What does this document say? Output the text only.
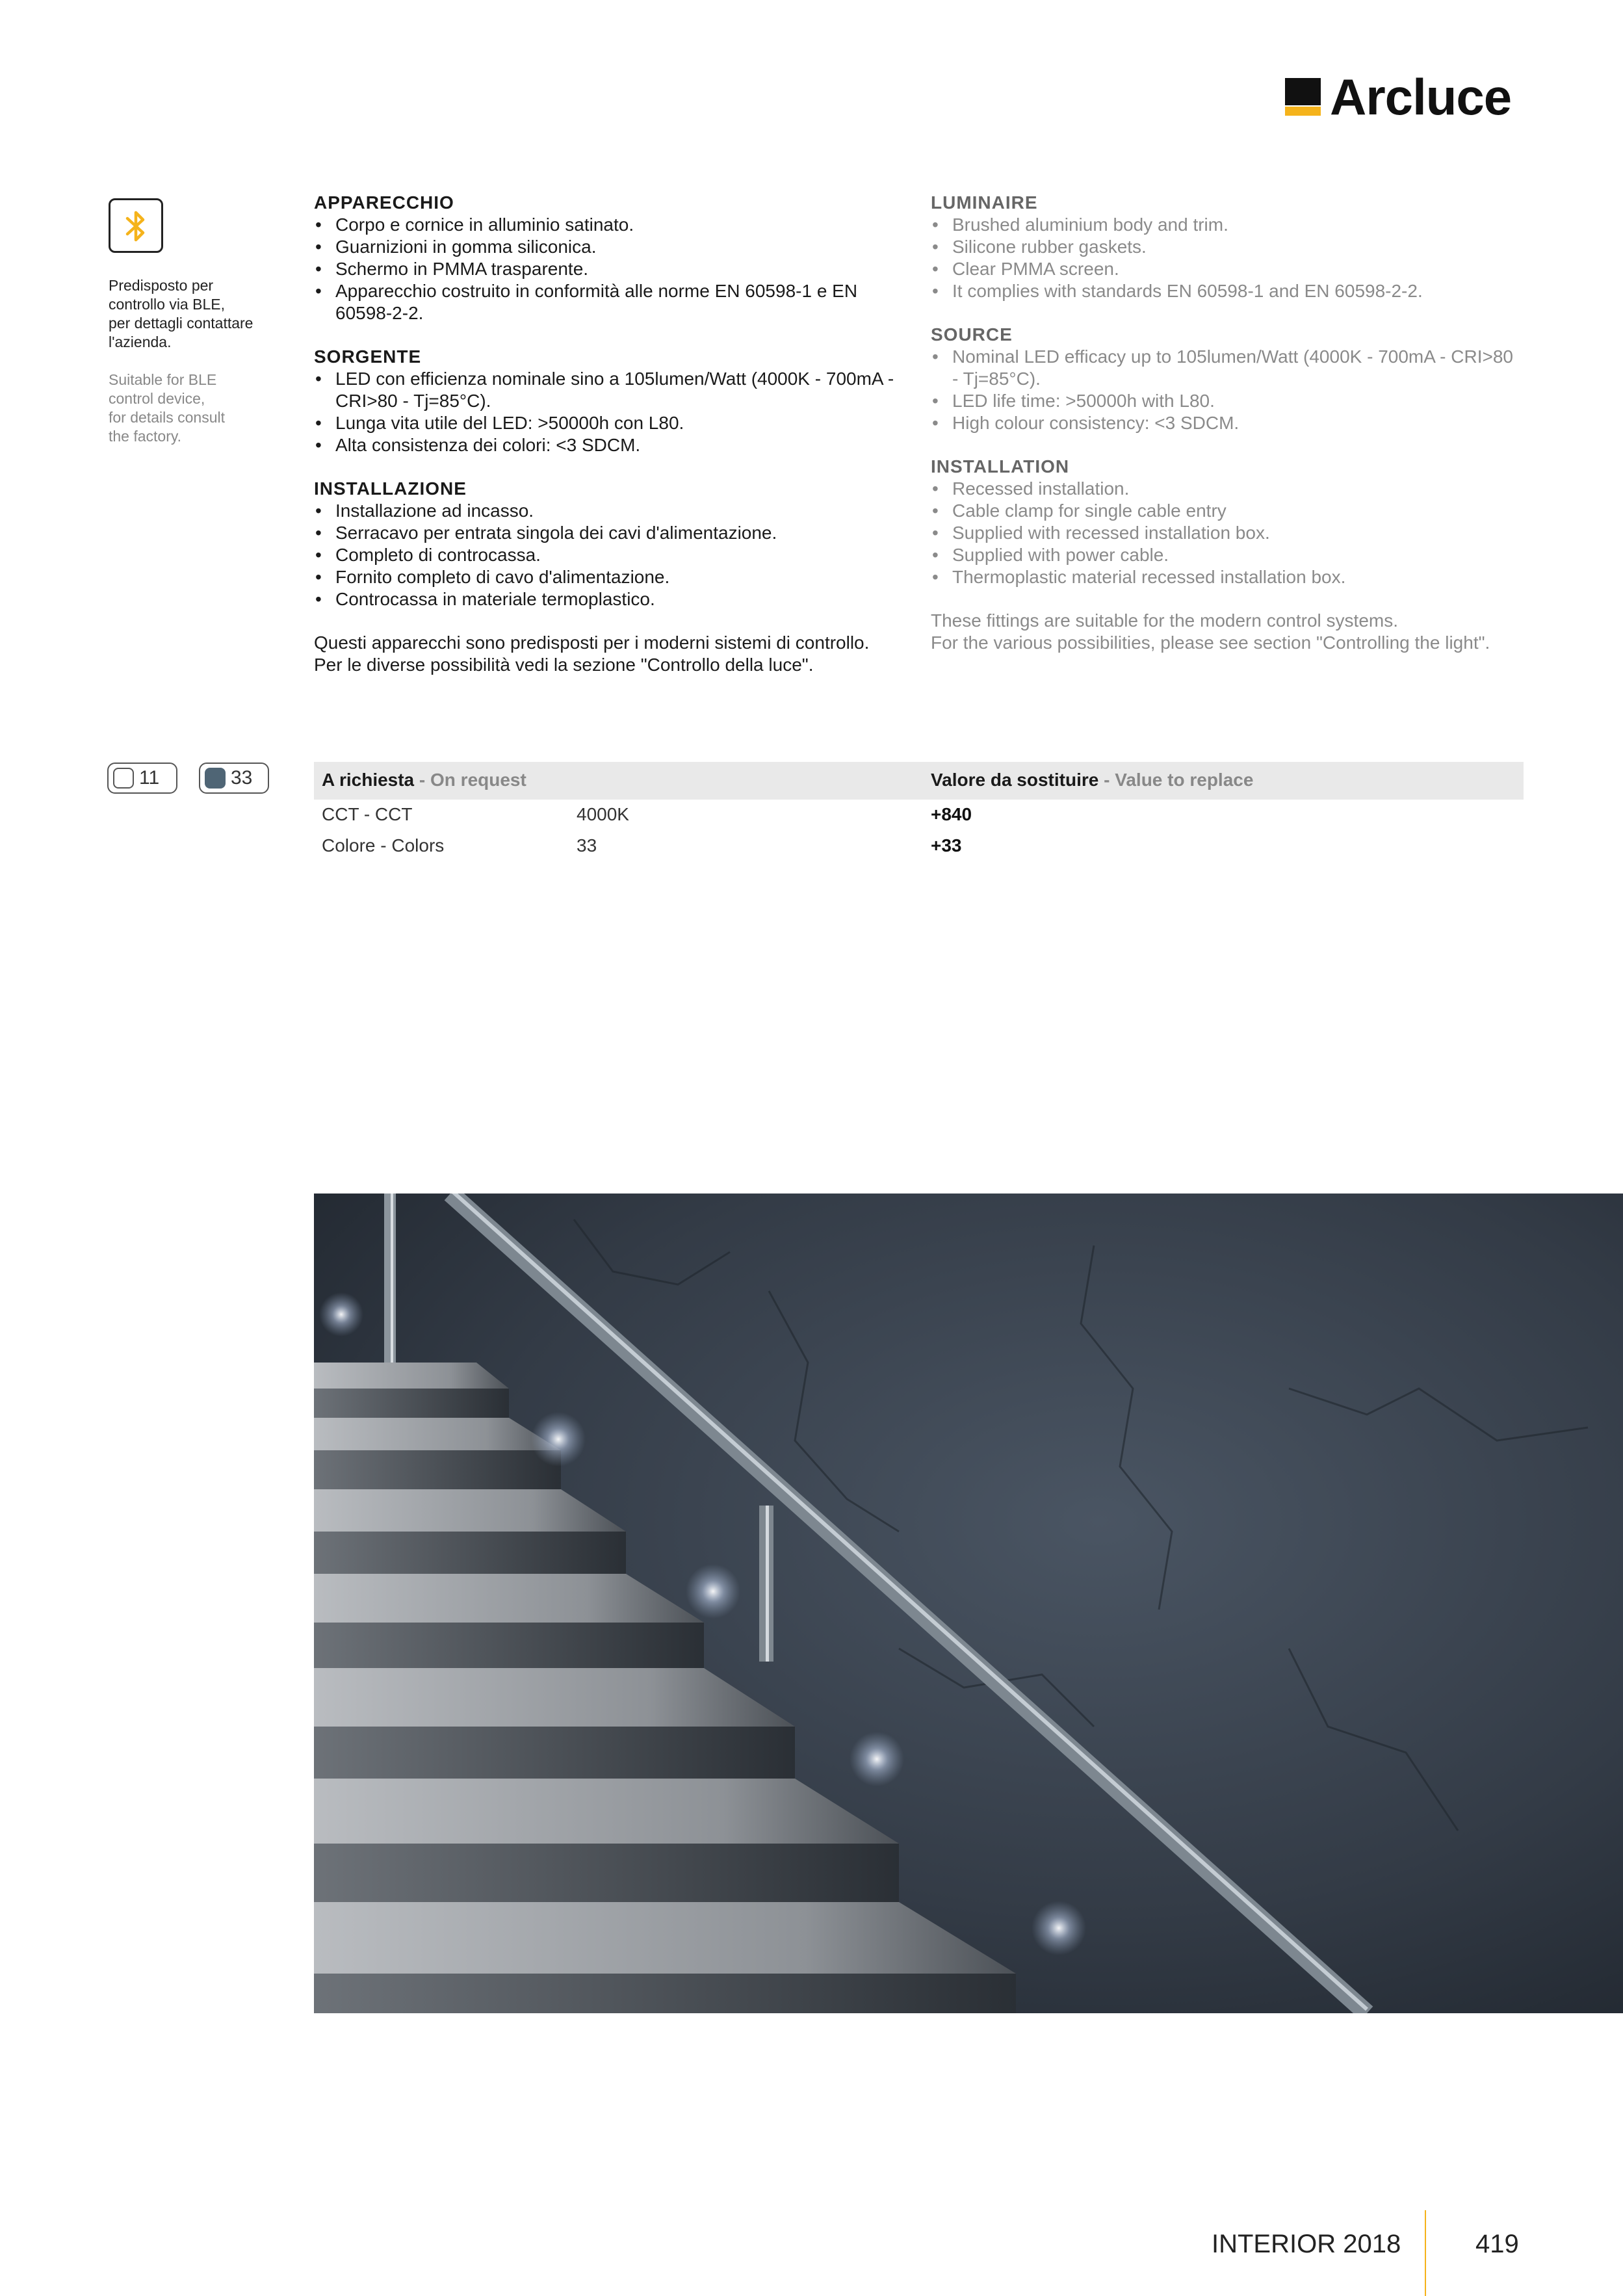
Arcluce
Predisposto per
controllo via BLE,
per dettagli contattare
l'azienda.
Suitable for BLE
control device,
for details consult
the factory.
APPARECCHIO
• Corpo e cornice in alluminio satinato.
• Guarnizioni in gomma siliconica.
• Schermo in PMMA trasparente.
• Apparecchio costruito in conformità alle norme EN 60598-1 e EN 60598-2-2.
SORGENTE
• LED con efficienza nominale sino a 105lumen/Watt (4000K - 700mA - CRI>80 - Tj=85°C).
• Lunga vita utile del LED: >50000h con L80.
• Alta consistenza dei colori: <3 SDCM.
INSTALLAZIONE
• Installazione ad incasso.
• Serracavo per entrata singola dei cavi d'alimentazione.
• Completo di controcassa.
• Fornito completo di cavo d'alimentazione.
• Controcassa in materiale termoplastico.

Questi apparecchi sono predisposti per i moderni sistemi di controllo.

Per le diverse possibilità vedi la sezione "Controllo della luce".

LUMINAIRE
• Brushed aluminium body and trim.
• Silicone rubber gaskets.
• Clear PMMA screen.
• It complies with standards EN 60598-1 and EN 60598-2-2.
SOURCE
• Nominal LED efficacy up to 105lumen/Watt (4000K - 700mA - CRI>80 - Tj=85°C).
• LED life time: >50000h with L80.
• High colour consistency: <3 SDCM.
INSTALLATION
• Recessed installation.
• Cable clamp for single cable entry
• Supplied with recessed installation box.
• Supplied with power cable.
• Thermoplastic material recessed installation box.

These fittings are suitable for the modern control systems.

For the various possibilities, please see section "Controlling the light".

11	33	A richiesta - On request	Valore da sostituire - Value to replace
CCT - CCT	4000K	+840
Colore - Colors	33	+33
INTERIOR 2018	419
